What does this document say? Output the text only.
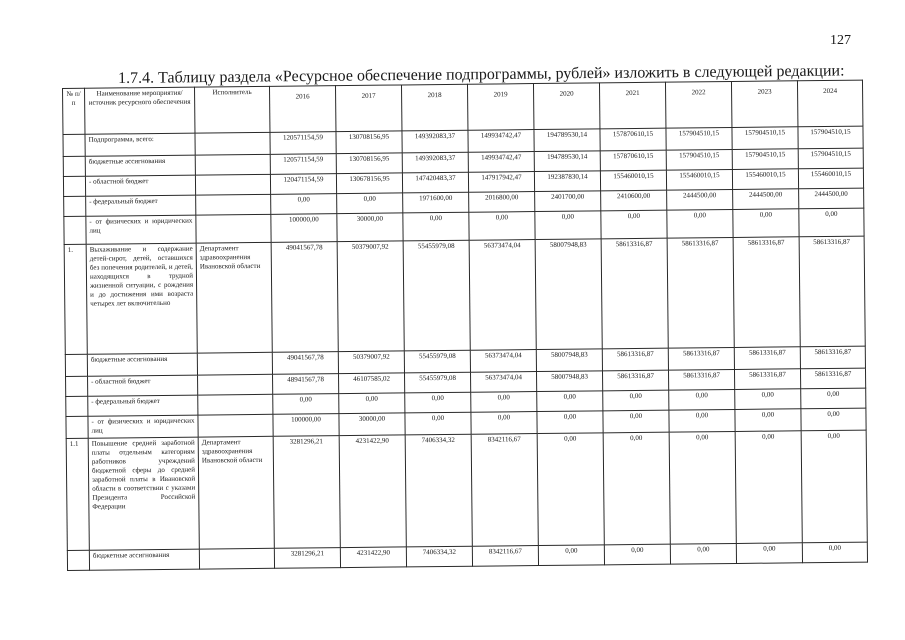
127
1.7.4. Таблицу раздела «Ресурсное обеспечение подпрограммы, рублей» изложить в следующей редакции:
№ п/п	Наименование мероприятия/источник ресурсного обеспечения	Исполнитель	2016	2017	2018	2019	2020	2021	2022	2023	2024
	Подпрограмма, всего:		120571154,59	130708156,95	149392083,37	149934742,47	194789530,14	157870610,15	157904510,15	157904510,15	157904510,15
	бюджетные ассигнования		120571154,59	130708156,95	149392083,37	149934742,47	194789530,14	157870610,15	157904510,15	157904510,15	157904510,15
	- областной бюджет		120471154,59	130678156,95	147420483,37	147917942,47	192387830,14	155460010,15	155460010,15	155460010,15	155460010,15
	- федеральный бюджет		0,00	0,00	1971600,00	2016800,00	2401700,00	2410600,00	2444500,00	2444500,00	2444500,00
	- от физических и юридических лиц		100000,00	30000,00	0,00	0,00	0,00	0,00	0,00	0,00	0,00
1.	Выхаживание и содержание детей-сирот, детей, оставшихся без попечения родителей, и детей, находящихся в трудной жизненной ситуации, с рождения и до достижения ими возраста четырех лет включительно	Департамент здравоохранения Ивановской области	49041567,78	50379007,92	55455979,08	56373474,04	58007948,83	58613316,87	58613316,87	58613316,87	58613316,87
	бюджетные ассигнования		49041567,78	50379007,92	55455979,08	56373474,04	58007948,83	58613316,87	58613316,87	58613316,87	58613316,87
	- областной бюджет		48941567,78	46107585,02	55455979,08	56373474,04	58007948,83	58613316,87	58613316,87	58613316,87	58613316,87
	- федеральный бюджет		0,00	0,00	0,00	0,00	0,00	0,00	0,00	0,00	0,00
	- от физических и юридических лиц		100000,00	30000,00	0,00	0,00	0,00	0,00	0,00	0,00	0,00
1.1	Повышение средней заработной платы отдельным категориям работников учреждений бюджетной сферы до средней заработной платы в Ивановской области в соответствии с указами Президента Российской Федерации	Департамент здравоохранения Ивановской области	3281296,21	4231422,90	7406334,32	8342116,67	0,00	0,00	0,00	0,00	0,00
	бюджетные ассигнования		3281296,21	4231422,90	7406334,32	8342116,67	0,00	0,00	0,00	0,00	0,00
